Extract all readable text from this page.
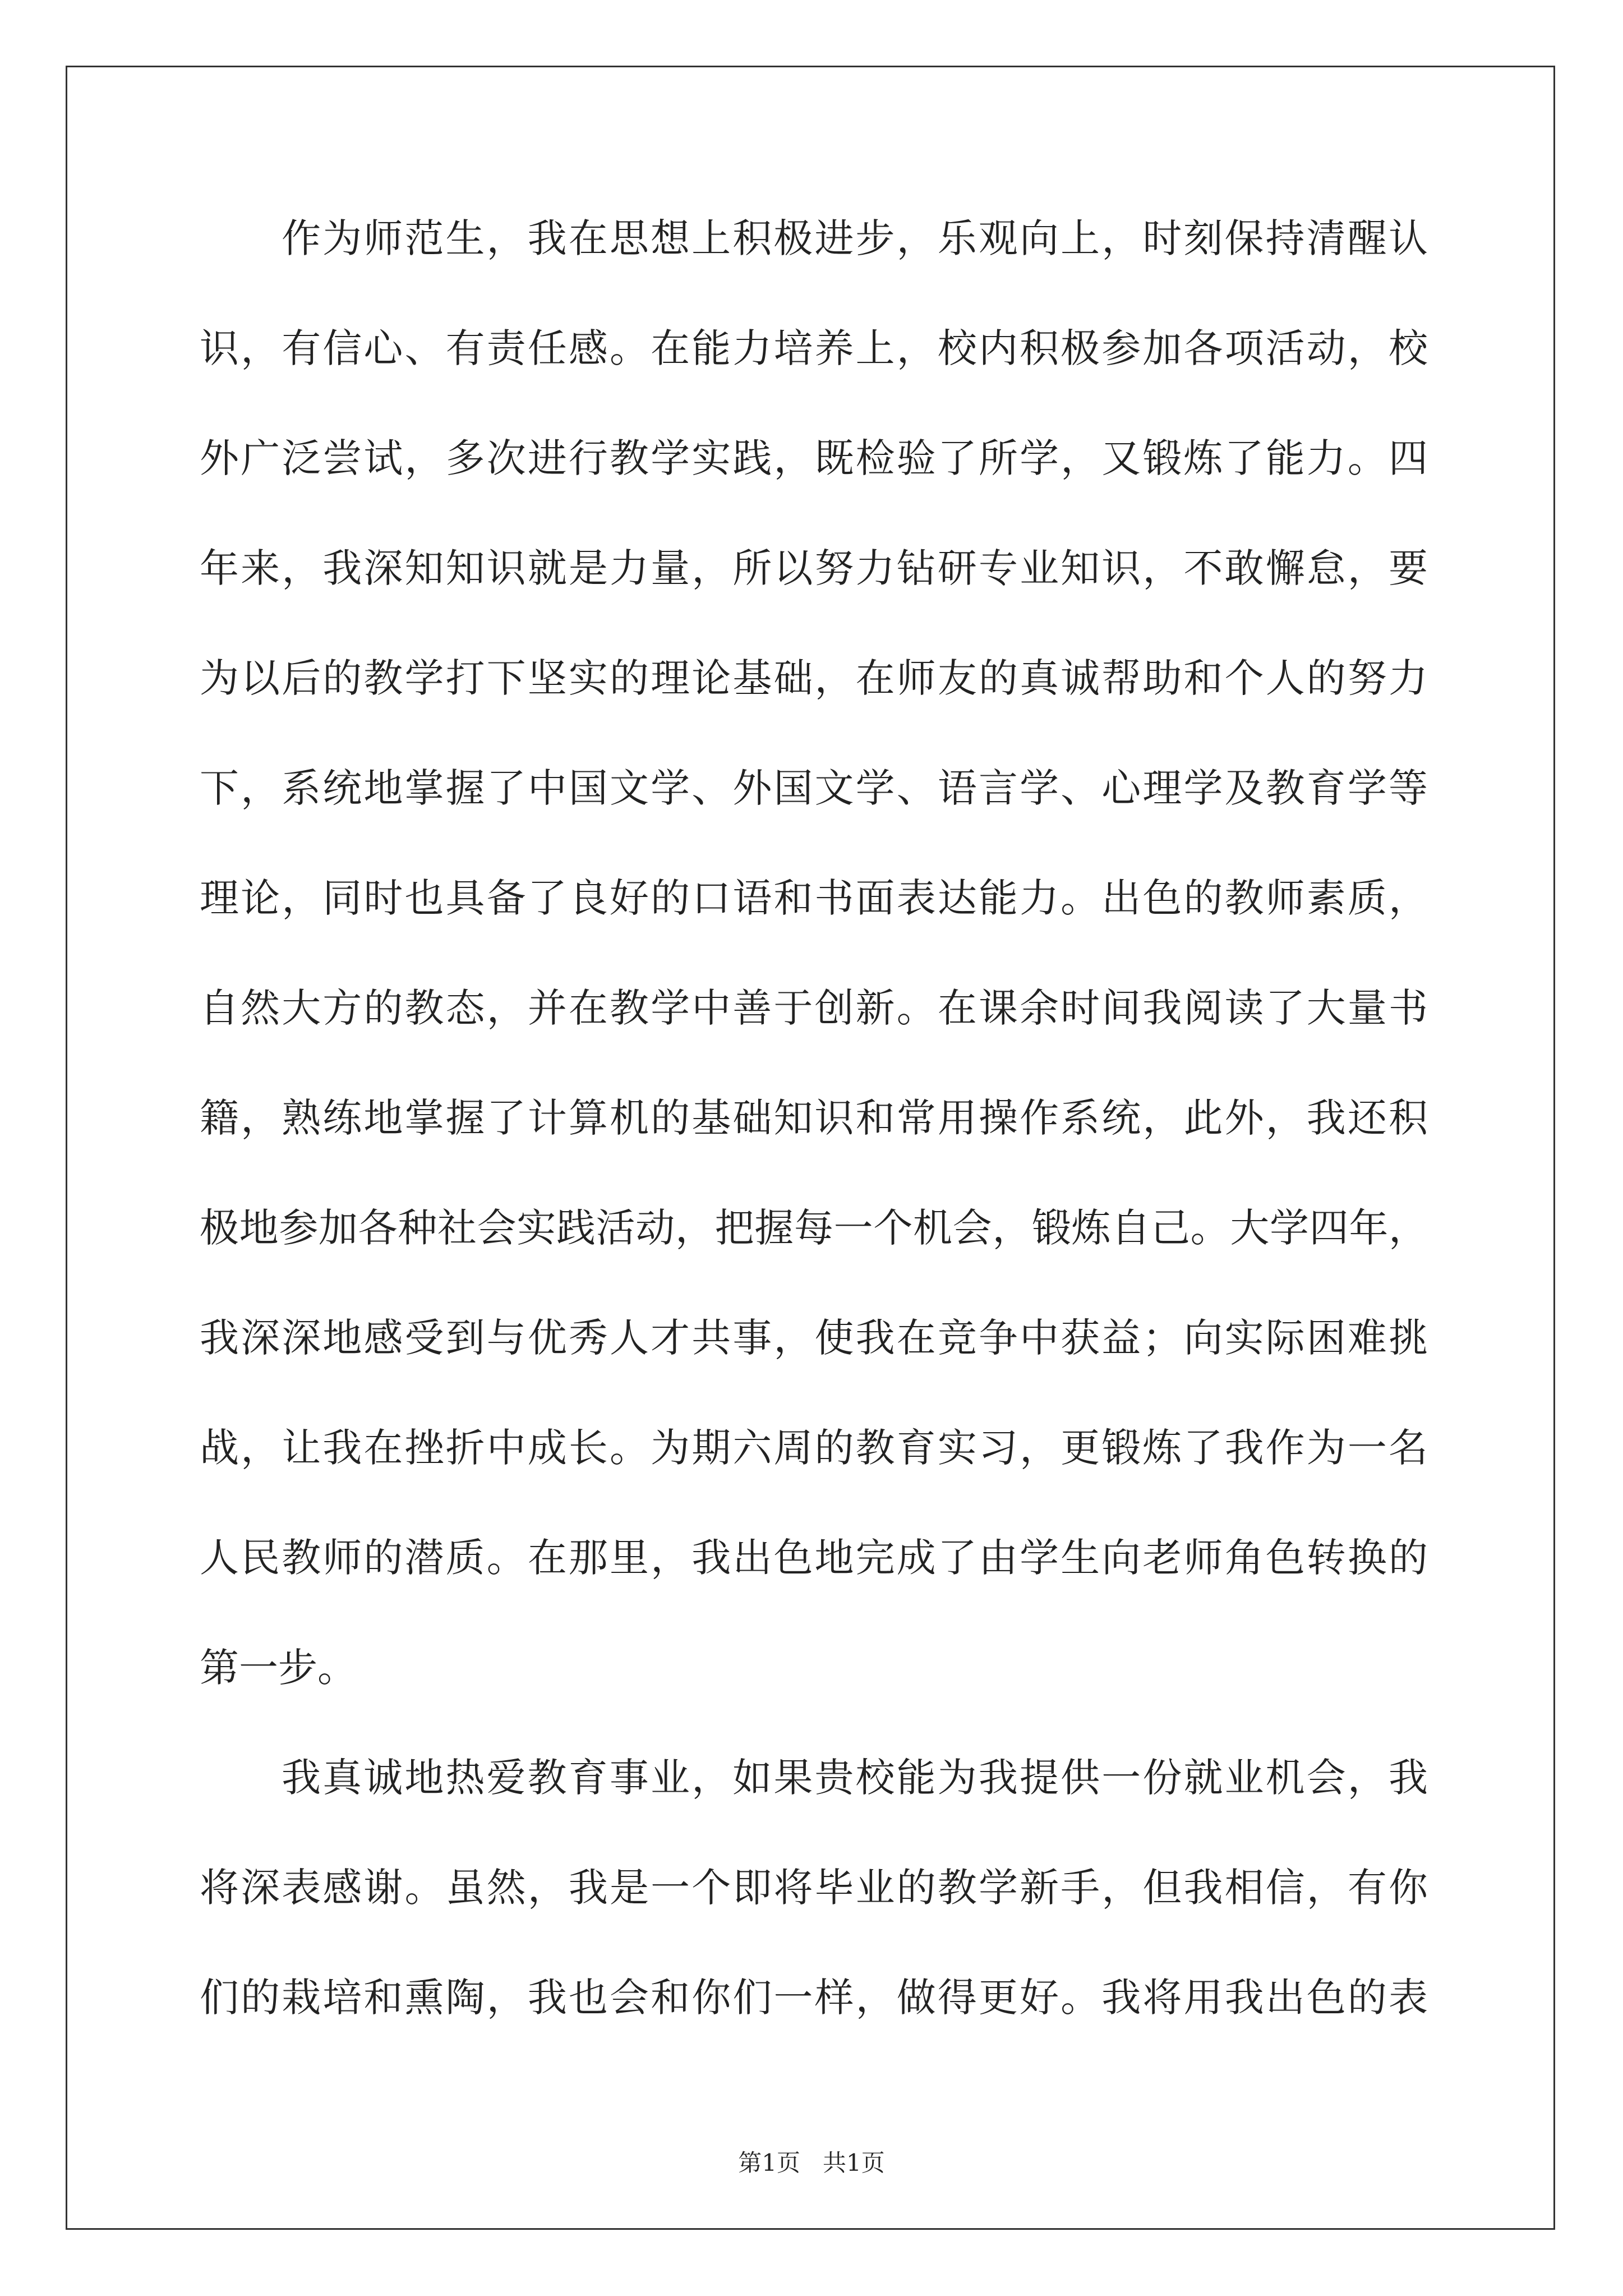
作为师范生，我在思想上积极进步，乐观向上，时刻保持清醒认
识，有信心、有责任感。在能力培养上，校内积极参加各项活动，校
外广泛尝试，多次进行教学实践，既检验了所学，又锻炼了能力。四
年来，我深知知识就是力量，所以努力钻研专业知识，不敢懈怠，要
为以后的教学打下坚实的理论基础，在师友的真诚帮助和个人的努力
下，系统地掌握了中国文学、外国文学、语言学、心理学及教育学等
理论，同时也具备了良好的口语和书面表达能力。出色的教师素质，
自然大方的教态，并在教学中善于创新。在课余时间我阅读了大量书
籍，熟练地掌握了计算机的基础知识和常用操作系统，此外，我还积
极地参加各种社会实践活动，把握每一个机会，锻炼自己。大学四年，
我深深地感受到与优秀人才共事，使我在竞争中获益；向实际困难挑
战，让我在挫折中成长。为期六周的教育实习，更锻炼了我作为一名
人民教师的潜质。在那里，我出色地完成了由学生向老师角色转换的
第一步。
我真诚地热爱教育事业，如果贵校能为我提供一份就业机会，我
将深表感谢。虽然，我是一个即将毕业的教学新手，但我相信，有你
们的栽培和熏陶，我也会和你们一样，做得更好。我将用我出色的表
第1页 共1页
